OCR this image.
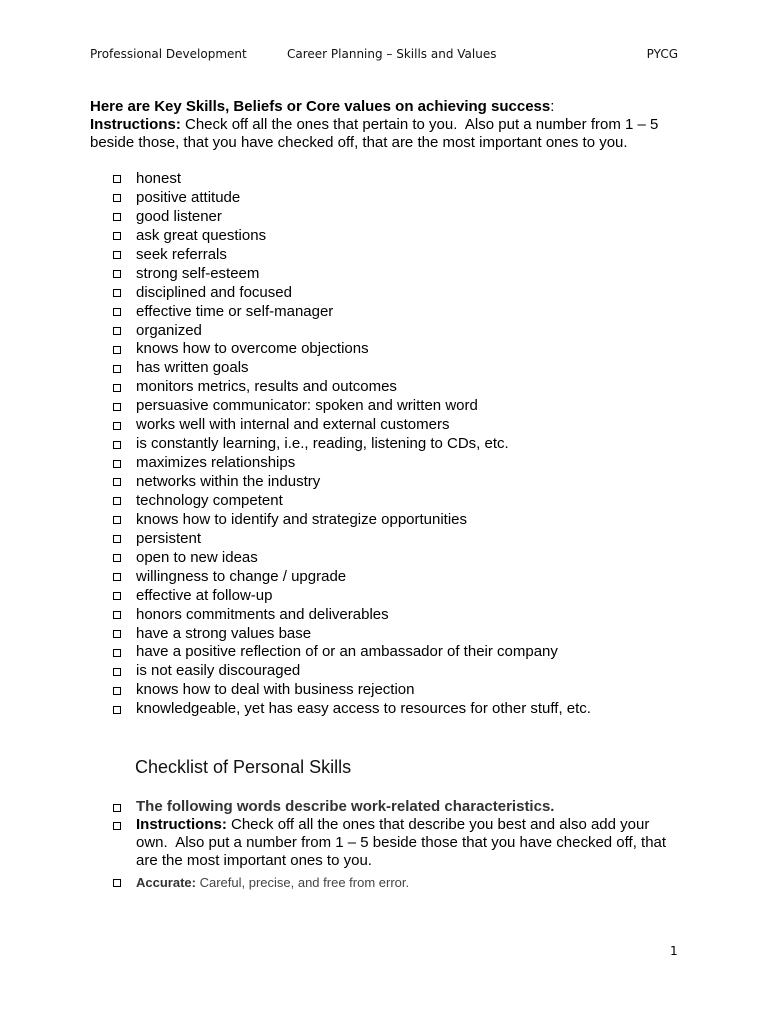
Professional Development	Career Planning – Skills and Values	PYCG
Here are Key Skills, Beliefs or Core values on achieving success:
Instructions: Check off all the ones that pertain to you.  Also put a number from 1 – 5 beside those, that you have checked off, that are the most important ones to you.
honest
positive attitude
good listener
ask great questions
seek referrals
strong self-esteem
disciplined and focused
effective time or self-manager
organized
knows how to overcome objections
has written goals
monitors metrics, results and outcomes
persuasive communicator: spoken and written word
works well with internal and external customers
is constantly learning, i.e., reading, listening to CDs, etc.
maximizes relationships
networks within the industry
technology competent
knows how to identify and strategize opportunities
persistent
open to new ideas
willingness to change / upgrade
effective at follow-up
honors commitments and deliverables
have a strong values base
have a positive reflection of or an ambassador of their company
is not easily discouraged
knows how to deal with business rejection
knowledgeable, yet has easy access to resources for other stuff, etc.
Checklist of Personal Skills
The following words describe work-related characteristics.
Instructions: Check off all the ones that describe you best and also add your own.  Also put a number from 1 – 5 beside those that you have checked off, that are the most important ones to you.
Accurate: Careful, precise, and free from error.
1
